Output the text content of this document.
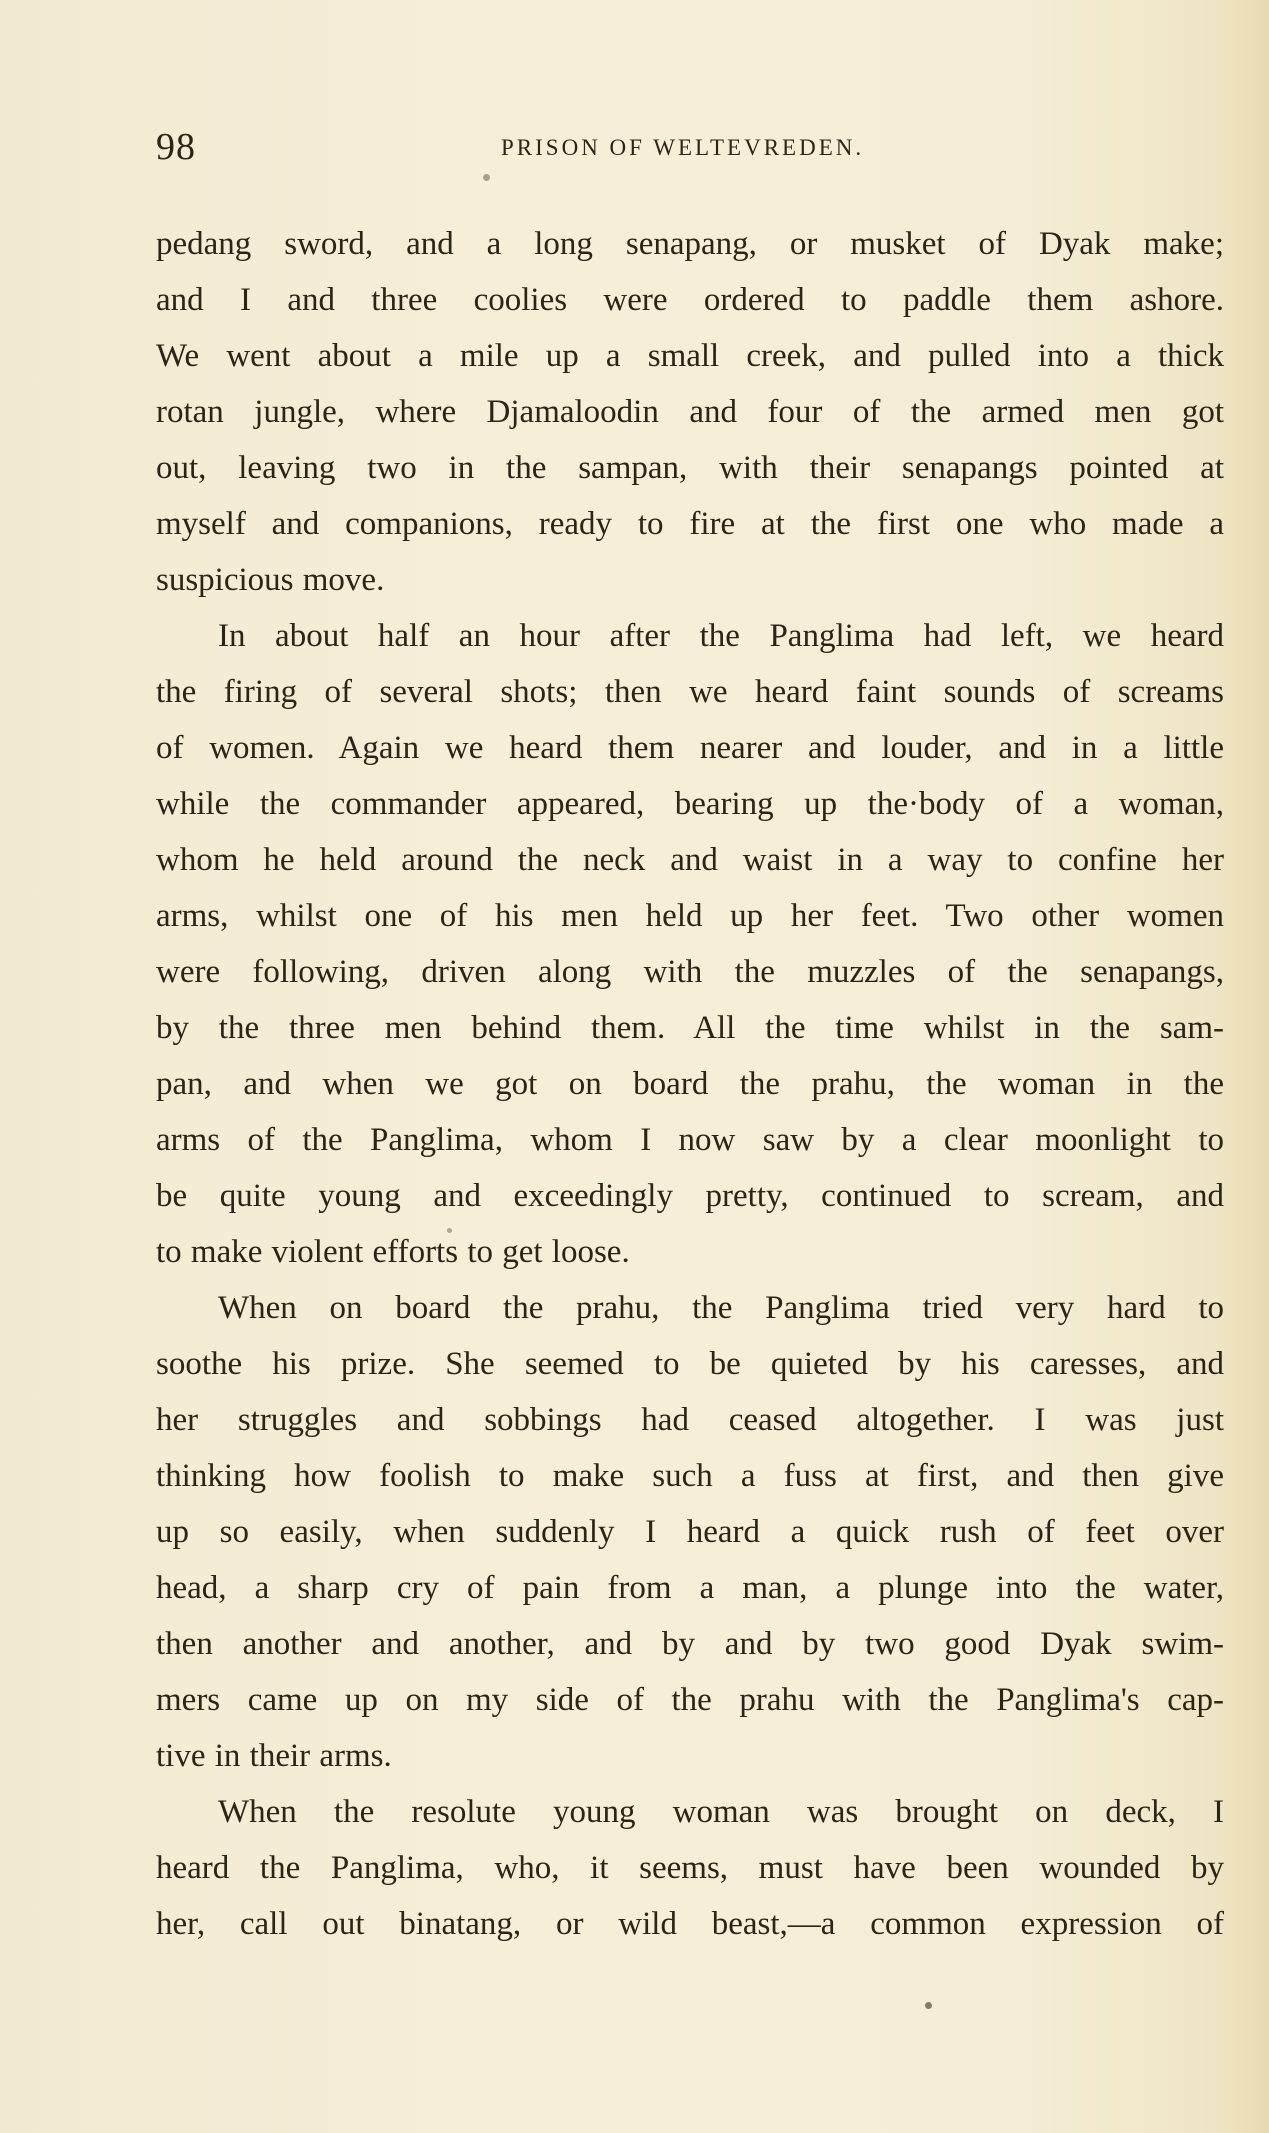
98	PRISON OF WELTEVREDEN.
pedang sword, and a long senapang, or musket of Dyak make;
and I and three coolies were ordered to paddle them ashore.
We went about a mile up a small creek, and pulled into a thick
rotan jungle, where Djamaloodin and four of the armed men got
out, leaving two in the sampan, with their senapangs pointed at
myself and companions, ready to fire at the first one who made a
suspicious move.
In about half an hour after the Panglima had left, we heard
the firing of several shots; then we heard faint sounds of screams
of women. Again we heard them nearer and louder, and in a little
while the commander appeared, bearing up the·body of a woman,
whom he held around the neck and waist in a way to confine her
arms, whilst one of his men held up her feet. Two other women
were following, driven along with the muzzles of the senapangs,
by the three men behind them. All the time whilst in the sam-
pan, and when we got on board the prahu, the woman in the
arms of the Panglima, whom I now saw by a clear moonlight to
be quite young and exceedingly pretty, continued to scream, and
to make violent efforts to get loose.
When on board the prahu, the Panglima tried very hard to
soothe his prize. She seemed to be quieted by his caresses, and
her struggles and sobbings had ceased altogether. I was just
thinking how foolish to make such a fuss at first, and then give
up so easily, when suddenly I heard a quick rush of feet over
head, a sharp cry of pain from a man, a plunge into the water,
then another and another, and by and by two good Dyak swim-
mers came up on my side of the prahu with the Panglima's cap-
tive in their arms.
When the resolute young woman was brought on deck, I
heard the Panglima, who, it seems, must have been wounded by
her, call out binatang, or wild beast,—a common expression of
